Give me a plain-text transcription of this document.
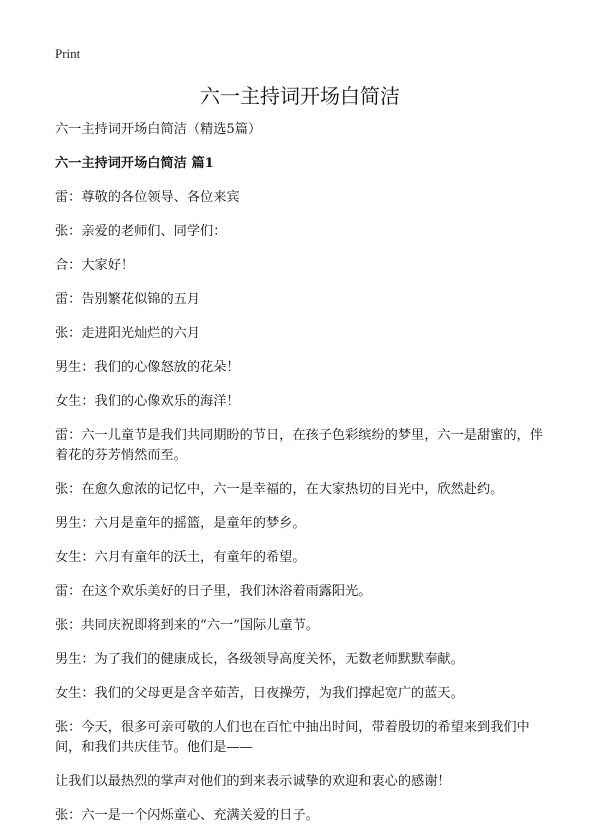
Print
六一主持词开场白简洁

六一主持词开场白简洁（精选5篇）

六一主持词开场白简洁 篇1

雷：尊敬的各位领导、各位来宾

张：亲爱的老师们、同学们：

合：大家好！

雷：告别繁花似锦的五月

张：走进阳光灿烂的六月

男生：我们的心像怒放的花朵！

女生：我们的心像欢乐的海洋！

雷：六一儿童节是我们共同期盼的节日，在孩子色彩缤纷的梦里，六一是甜蜜的，伴着花的芬芳悄然而至。

张：在愈久愈浓的记忆中，六一是幸福的，在大家热切的目光中，欣然赴约。

男生：六月是童年的摇篮，是童年的梦乡。

女生：六月有童年的沃土，有童年的希望。

雷：在这个欢乐美好的日子里，我们沐浴着雨露阳光。

张：共同庆祝即将到来的“六一”国际儿童节。

男生：为了我们的健康成长，各级领导高度关怀，无数老师默默奉献。

女生：我们的父母更是含辛茹苦，日夜操劳，为我们撑起宽广的蓝天。

张：今天，很多可亲可敬的人们也在百忙中抽出时间，带着殷切的希望来到我们中间，和我们共庆佳节。他们是——

让我们以最热烈的掌声对他们的到来表示诚挚的欢迎和衷心的感谢！

张：六一是一个闪烁童心、充满关爱的日子。
